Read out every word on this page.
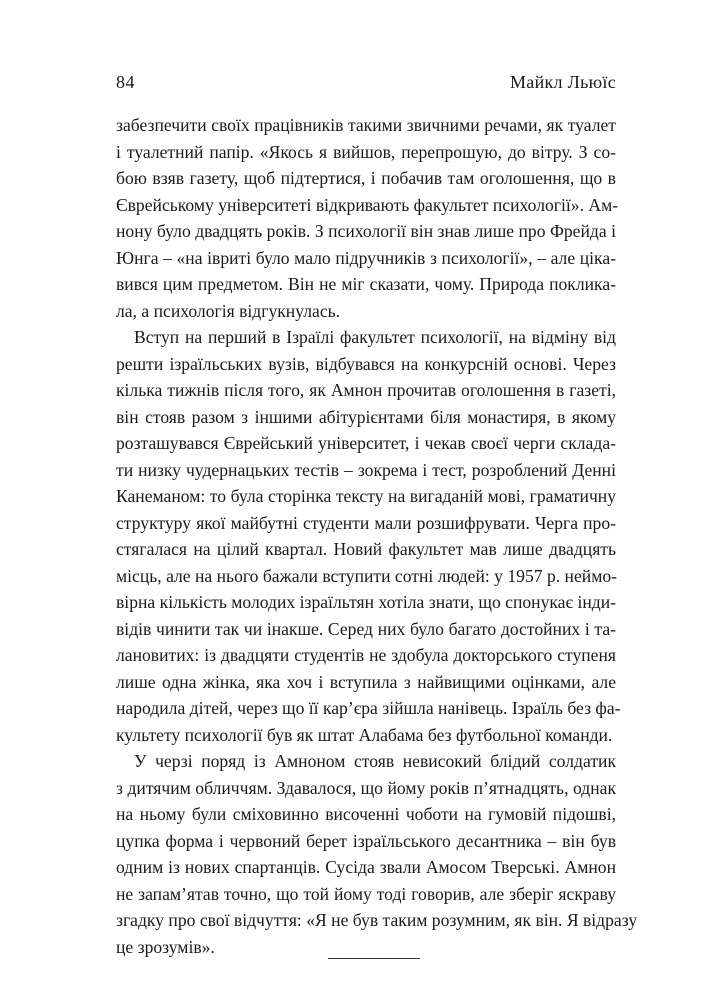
84	Майкл Льюїс
забезпечити своїх працівників такими звичними речами, як туалет
і туалетний папір. «Якось я вийшов, перепрошую, до вітру. З со-
бою взяв газету, щоб підтертися, і побачив там оголошення, що в
Єврейському університеті відкривають факультет психології». Ам-
нону було двадцять років. З психології він знав лише про Фрейда і
Юнга – «на івриті було мало підручників з психології», – але ціка-
вився цим предметом. Він не міг сказати, чому. Природа поклика-
ла, а психологія відгукнулась.
Вступ на перший в Ізраїлі факультет психології, на відміну від
решти ізраїльських вузів, відбувався на конкурсній основі. Через
кілька тижнів після того, як Амнон прочитав оголошення в газеті,
він стояв разом з іншими абітурієнтами біля монастиря, в якому
розташувався Єврейський університет, і чекав своєї черги склада-
ти низку чудернацьких тестів – зокрема і тест, розроблений Денні
Канеманом: то була сторінка тексту на вигаданій мові, граматичну
структуру якої майбутні студенти мали розшифрувати. Черга про-
стягалася на цілий квартал. Новий факультет мав лише двадцять
місць, але на нього бажали вступити сотні людей: у 1957 р. неймо-
вірна кількість молодих ізраїльтян хотіла знати, що спонукає інди-
відів чинити так чи інакше. Серед них було багато достойних і та-
лановитих: із двадцяти студентів не здобула докторського ступеня
лише одна жінка, яка хоч і вступила з найвищими оцінками, але
народила дітей, через що її кар’єра зійшла нанівець. Ізраїль без фа-
культету психології був як штат Алабама без футбольної команди.
У черзі поряд із Амноном стояв невисокий блідий солдатик
з дитячим обличчям. Здавалося, що йому років п’ятнадцять, однак
на ньому були сміховинно височенні чоботи на гумовій підошві,
цупка форма і червоний берет ізраїльського десантника – він був
одним із нових спартанців. Сусіда звали Амосом Тверські. Амнон
не запам’ятав точно, що той йому тоді говорив, але зберіг яскраву
згадку про свої відчуття: «Я не був таким розумним, як він. Я відразу
це зрозумів».
